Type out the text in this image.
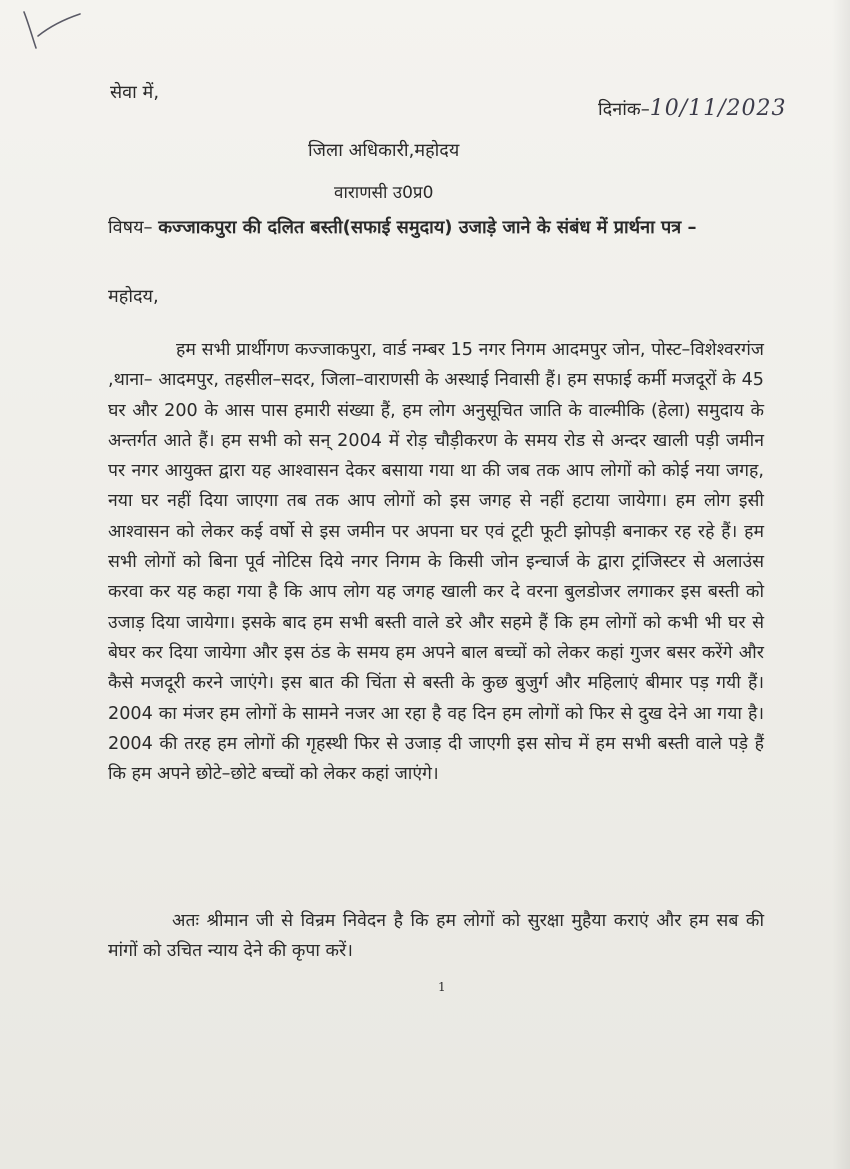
सेवा में,
दिनांक–10/11/2023
जिला अधिकारी,महोदय
वाराणसी उ0प्र0
विषय– कज्जाकपुरा की दलित बस्ती(सफाई समुदाय) उजाड़े जाने के संबंध में प्रार्थना पत्र –
महोदय,
हम सभी प्रार्थीगण कज्जाकपुरा, वार्ड नम्बर 15 नगर निगम आदमपुर जोन, पोस्ट–विशेश्वरगंज ,थाना– आदमपुर, तहसील–सदर, जिला–वाराणसी के अस्थाई निवासी हैं। हम सफाई कर्मी मजदूरों के 45 घर और 200 के आस पास हमारी संख्या हैं, हम लोग अनुसूचित जाति के वाल्मीकि (हेला) समुदाय के अन्तर्गत आते हैं। हम सभी को सन् 2004 में रोड़ चौड़ीकरण के समय रोड से अन्दर खाली पड़ी जमीन पर नगर आयुक्त द्वारा यह आश्वासन देकर बसाया गया था की जब तक आप लोगों को कोई नया जगह, नया घर नहीं दिया जाएगा तब तक आप लोगों को इस जगह से नहीं हटाया जायेगा। हम लोग इसी आश्वासन को लेकर कई वर्षो से इस जमीन पर अपना घर एवं टूटी फूटी झोपड़ी बनाकर रह रहे हैं। हम सभी लोगों को बिना पूर्व नोटिस दिये नगर निगम के किसी जोन इन्चार्ज के द्वारा ट्रांजिस्टर से अलाउंस करवा कर यह कहा गया है कि आप लोग यह जगह खाली कर दे वरना बुलडोजर लगाकर इस बस्ती को उजाड़ दिया जायेगा। इसके बाद हम सभी बस्ती वाले डरे और सहमे हैं कि हम लोगों को कभी भी घर से बेघर कर दिया जायेगा और इस ठंड के समय हम अपने बाल बच्चों को लेकर कहां गुजर बसर करेंगे और कैसे मजदूरी करने जाएंगे। इस बात की चिंता से बस्ती के कुछ बुजुर्ग और महिलाएं बीमार पड़ गयी हैं। 2004 का मंजर हम लोगों के सामने नजर आ रहा है वह दिन हम लोगों को फिर से दुख देने आ गया है। 2004 की तरह हम लोगों की गृहस्थी फिर से उजाड़ दी जाएगी इस सोच में हम सभी बस्ती वाले पड़े हैं कि हम अपने छोटे–छोटे बच्चों को लेकर कहां जाएंगे।
अतः श्रीमान जी से विन्रम निवेदन है कि हम लोगों को सुरक्षा मुहैया कराएं और हम सब की मांगों को उचित न्याय देने की कृपा करें।
1
